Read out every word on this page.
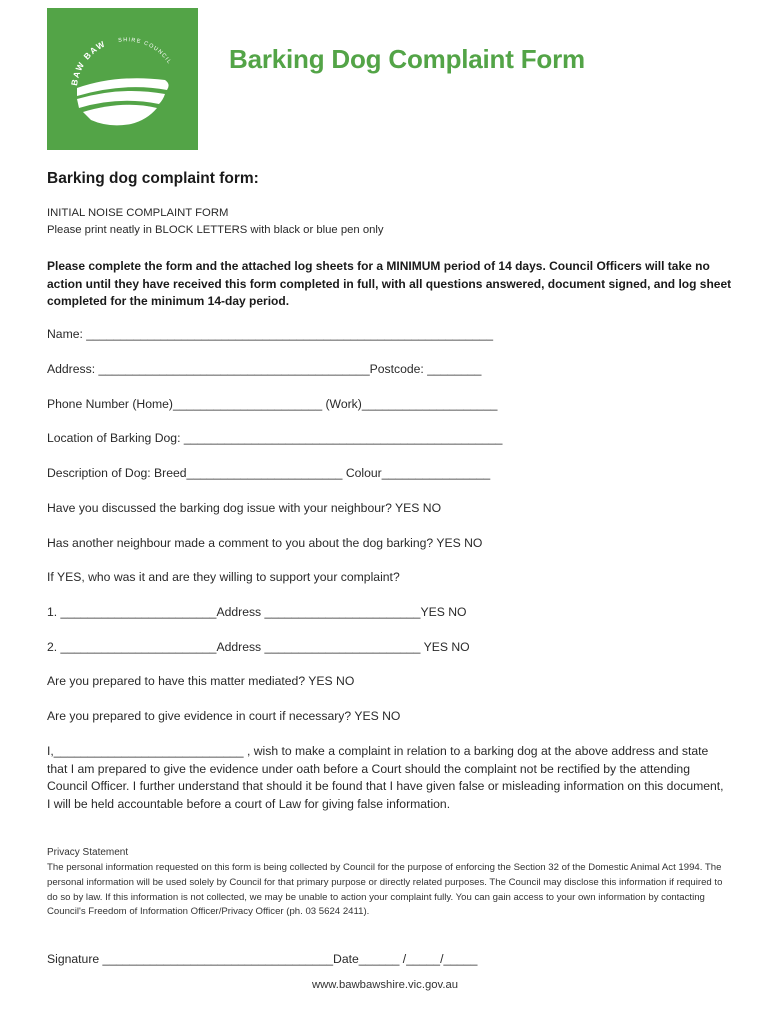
BAW BAW SHIRE COUNCIL Barking Dog Complaint Form
Barking dog complaint form:
INITIAL NOISE COMPLAINT FORM
Please print neatly in BLOCK LETTERS with black or blue pen only
Please complete the form and the attached log sheets for a MINIMUM period of 14 days. Council Officers will take no action until they have received this form completed in full, with all questions answered, document signed, and log sheet completed for the minimum 14-day period.
Name: ____________________________________________________________
Address: ________________________________________Postcode: ________
Phone Number (Home)______________________ (Work)____________________
Location of Barking Dog: _______________________________________________
Description of Dog: Breed_______________________ Colour________________
Have you discussed the barking dog issue with your neighbour? YES NO
Has another neighbour made a comment to you about the dog barking? YES NO
If YES, who was it and are they willing to support your complaint?
1. _______________________Address _______________________YES NO
2. _______________________Address _______________________ YES NO
Are you prepared to have this matter mediated? YES NO
Are you prepared to give evidence in court if necessary? YES NO
I,____________________________ , wish to make a complaint in relation to a barking dog at the above address and state that I am prepared to give the evidence under oath before a Court should the complaint not be rectified by the attending Council Officer. I further understand that should it be found that I have given false or misleading information on this document, I will be held accountable before a court of Law for giving false information.
Privacy Statement
The personal information requested on this form is being collected by Council for the purpose of enforcing the Section 32 of the Domestic Animal Act 1994. The personal information will be used solely by Council for that primary purpose or directly related purposes. The Council may disclose this information if required to do so by law. If this information is not collected, we may be unable to action your complaint fully. You can gain access to your own information by contacting Council's Freedom of Information Officer/Privacy Officer (ph. 03 5624 2411).
Signature __________________________________Date______ /_____/_____
www.bawbawshire.vic.gov.au
